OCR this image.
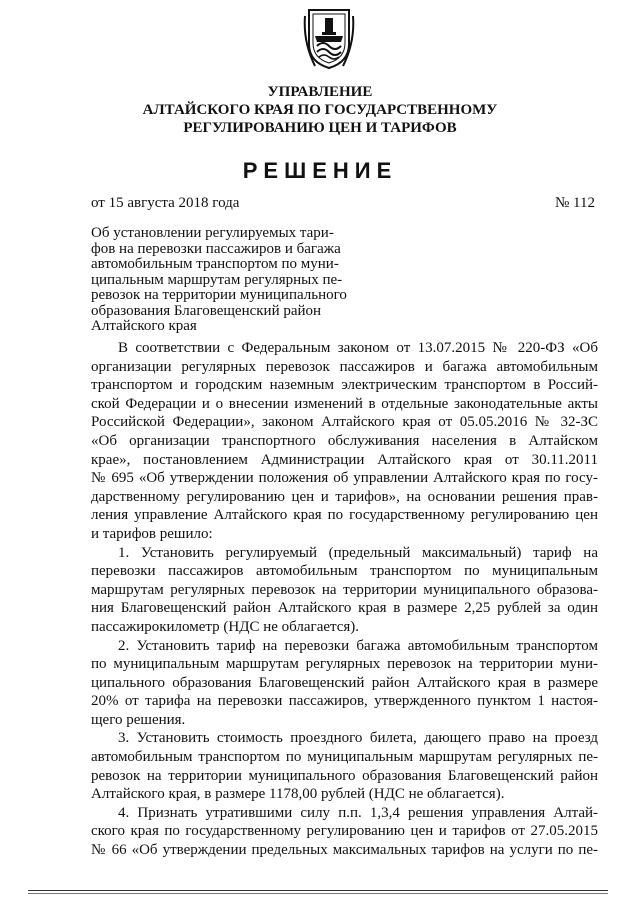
УПРАВЛЕНИЕ
АЛТАЙСКОГО КРАЯ ПО ГОСУДАРСТВЕННОМУ
РЕГУЛИРОВАНИЮ ЦЕН И ТАРИФОВ
РЕШЕНИЕ
от 15 августа 2018 года	№ 112
Об установлении регулируемых тари-
фов на перевозки пассажиров и багажа
автомобильным транспортом по муни-
ципальным маршрутам регулярных пе-
ревозок на территории муниципального
образования Благовещенский район
Алтайского края
В соответствии с Федеральным законом от 13.07.2015 № 220-ФЗ «Об
организации регулярных перевозок пассажиров и багажа автомобильным
транспортом и городским наземным электрическим транспортом в Россий-
ской Федерации и о внесении изменений в отдельные законодательные акты
Российской Федерации», законом Алтайского края от 05.05.2016 № 32-ЗС
«Об организации транспортного обслуживания населения в Алтайском
крае», постановлением Администрации Алтайского края от 30.11.2011
№ 695 «Об утверждении положения об управлении Алтайского края по госу-
дарственному регулированию цен и тарифов», на основании решения прав-
ления управление Алтайского края по государственному регулированию цен
и тарифов решило:
1. Установить регулируемый (предельный максимальный) тариф на
перевозки пассажиров автомобильным транспортом по муниципальным
маршрутам регулярных перевозок на территории муниципального образова-
ния Благовещенский район Алтайского края в размере 2,25 рублей за один
пассажирокилометр (НДС не облагается).
2. Установить тариф на перевозки багажа автомобильным транспортом
по муниципальным маршрутам регулярных перевозок на территории муни-
ципального образования Благовещенский район Алтайского края в размере
20% от тарифа на перевозки пассажиров, утвержденного пунктом 1 настоя-
щего решения.
3. Установить стоимость проездного билета, дающего право на проезд
автомобильным транспортом по муниципальным маршрутам регулярных пе-
ревозок на территории муниципального образования Благовещенский район
Алтайского края, в размере 1178,00 рублей (НДС не облагается).
4. Признать утратившими силу п.п. 1,3,4 решения управления Алтай-
ского края по государственному регулированию цен и тарифов от 27.05.2015
№ 66 «Об утверждении предельных максимальных тарифов на услуги по пе-
